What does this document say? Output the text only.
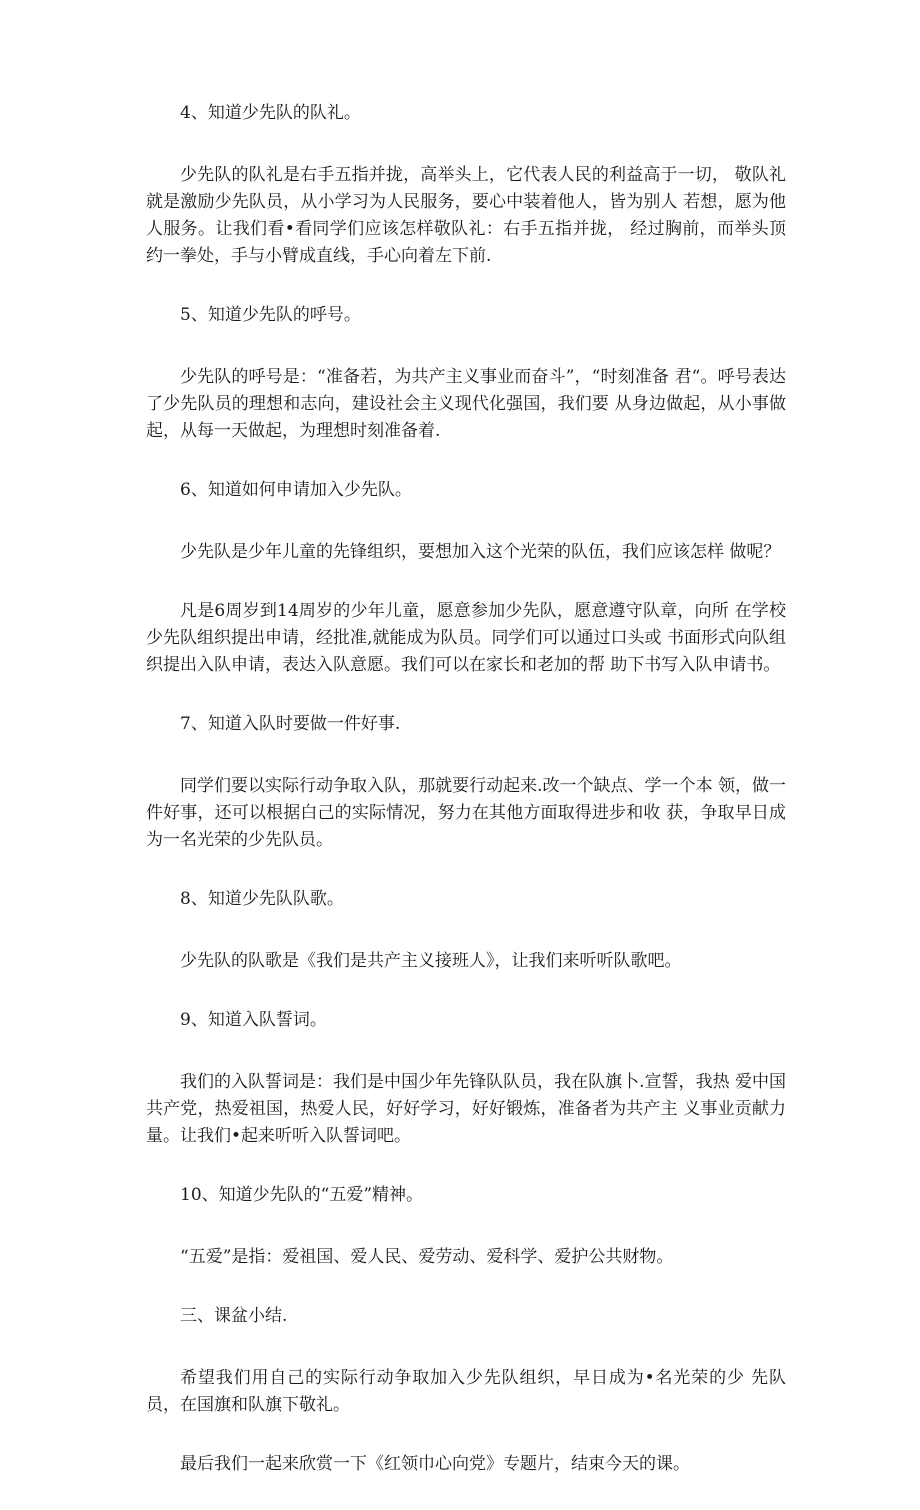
4、知道少先队的队礼。

少先队的队礼是右手五指并拢，高举头上，它代表人民的利益高于一切， 敬队礼就是激励少先队员，从小学习为人民服务，要心中装着他人，皆为别人 若想，愿为他人服务。让我们看•看同学们应该怎样敬队礼：右手五指并拢， 经过胸前，而举头顶约一拳处，手与小臂成直线，手心向着左下前.

5、知道少先队的呼号。

少先队的呼号是：“准备若，为共产主义事业而奋斗”，“时刻准备 君“。呼号表达了少先队员的理想和志向，建设社会主义现代化强国，我们要 从身边做起，从小事做起，从每一天做起，为理想时刻准备着.

6、知道如何申请加入少先队。

少先队是少年儿童的先锋组织，要想加入这个光荣的队伍，我们应该怎样 做呢？

凡是6周岁到14周岁的少年儿童，愿意参加少先队，愿意遵守队章，向所 在学校少先队组织提出申请，经批准,就能成为队员。同学们可以通过口头或 书面形式向队组织提出入队申请，表达入队意愿。我们可以在家长和老加的帮 助下书写入队申请书。

7、知道入队时要做一件好事.

同学们要以实际行动争取入队，那就要行动起来.改一个缺点、学一个本 领，做一件好事，还可以根据白己的实际情况，努力在其他方面取得进步和收 获，争取早日成为一名光荣的少先队员。

8、知道少先队队歌。

少先队的队歌是《我们是共产主义接班人》，让我们来听听队歌吧。

9、知道入队誓词。

我们的入队誓词是：我们是中国少年先锋队队员，我在队旗卜.宣誓，我热 爱中国共产党，热爱祖国，热爱人民，好好学习，好好锻炼，准备者为共产主 义事业贡献力量。让我们•起来听听入队誓词吧。

10、知道少先队的“五爱”精神。

“五爱”是指：爱祖国、爱人民、爱劳动、爱科学、爱护公共财物。

三、课盆小结.

希望我们用自己的实际行动争取加入少先队组织，早日成为•名光荣的少 先队员，在国旗和队旗下敬礼。

最后我们一起来欣赏一下《红领巾心向党》专题片，结束今天的课。
